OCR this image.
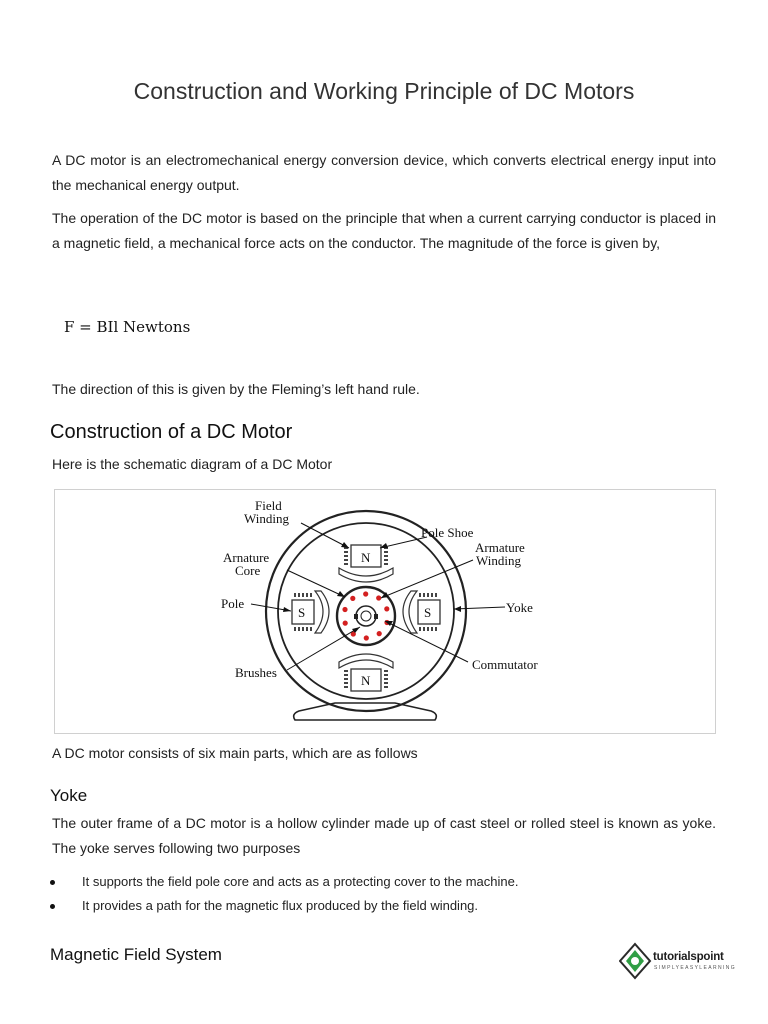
Construction and Working Principle of DC Motors

A DC motor is an electromechanical energy conversion device, which converts electrical energy input into the mechanical energy output.

The operation of the DC motor is based on the principle that when a current carrying conductor is placed in a magnetic field, a mechanical force acts on the conductor. The magnitude of the force is given by,

F = BIl Newtons

The direction of this is given by the Fleming’s left hand rule.

Construction of a DC Motor

Here is the schematic diagram of a DC Motor

N
N
S	S
Field
Winding
Pole Shoe
Armature
Winding
Arnature
Core
Pole	Yoke
Commutator
Brushes

A DC motor consists of six main parts, which are as follows

Yoke

The outer frame of a DC motor is a hollow cylinder made up of cast steel or rolled steel is known as yoke. The yoke serves following two purposes

It supports the field pole core and acts as a protecting cover to the machine.
It provides a path for the magnetic flux produced by the field winding.
Magnetic Field System	tutorialspoint
SIMPLYEASYLEARNING
